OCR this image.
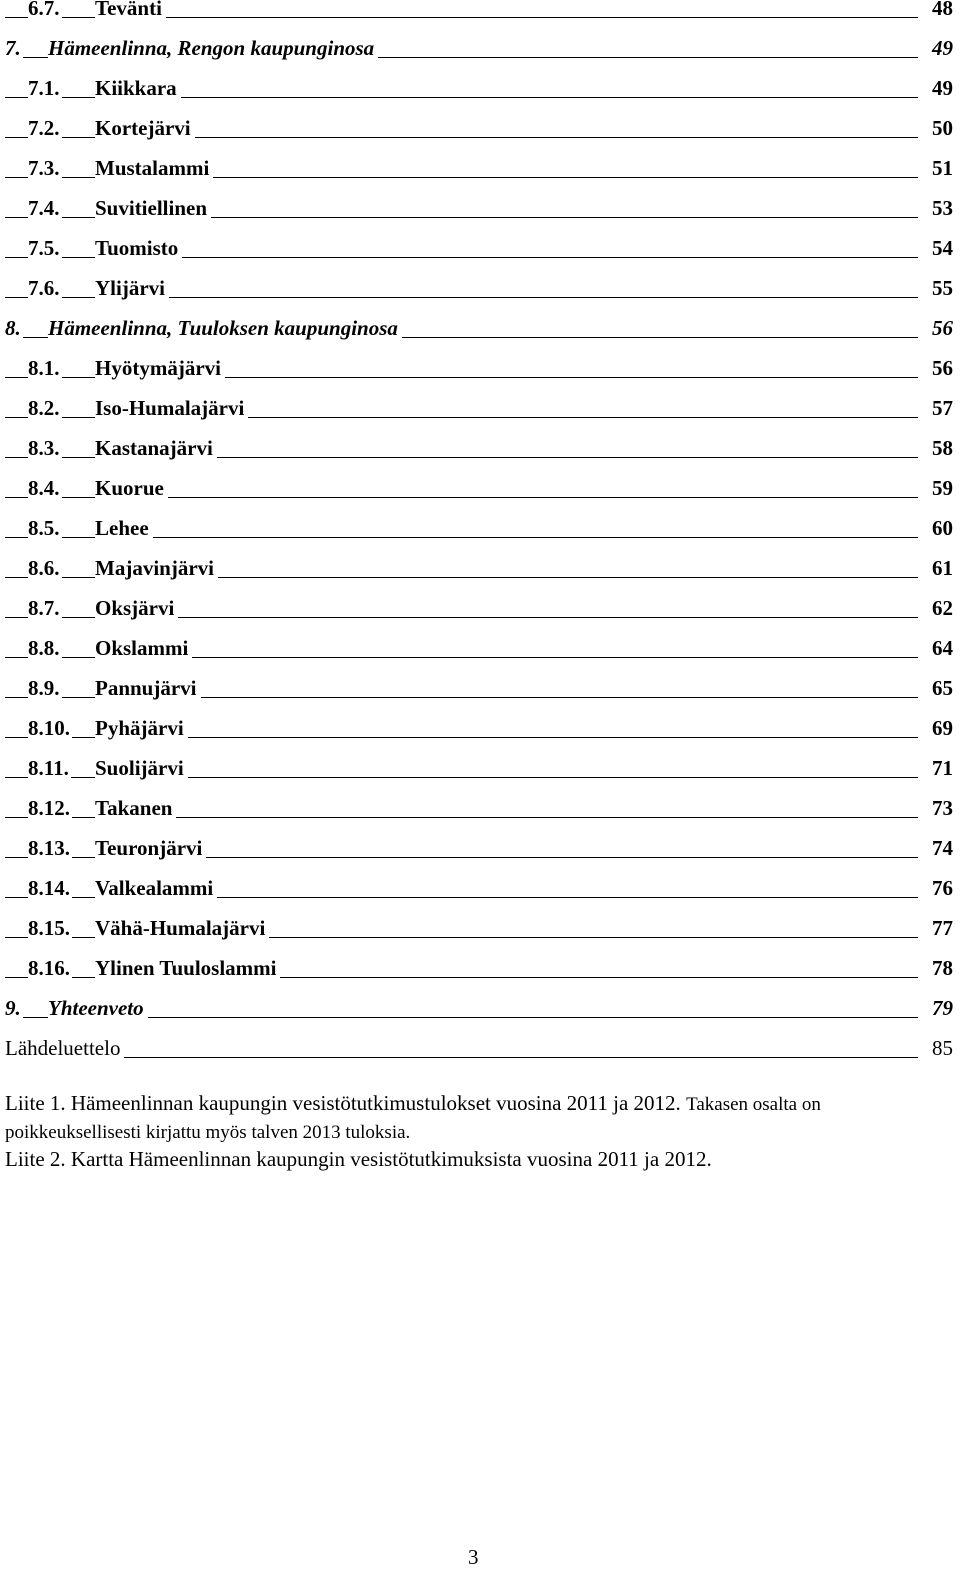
6.7. Tevänti	48
7. Hämeenlinna, Rengon kaupunginosa	49
7.1. Kiikkara	49
7.2. Kortejärvi	50
7.3. Mustalammi	51
7.4. Suvitiellinen	53
7.5. Tuomisto	54
7.6. Ylijärvi	55
8. Hämeenlinna, Tuuloksen kaupunginosa	56
8.1. Hyötymäjärvi	56
8.2. Iso-Humalajärvi	57
8.3. Kastanajärvi	58
8.4. Kuorue	59
8.5. Lehee	60
8.6. Majavinjärvi	61
8.7. Oksjärvi	62
8.8. Okslammi	64
8.9. Pannujärvi	65
8.10. Pyhäjärvi	69
8.11. Suolijärvi	71
8.12. Takanen	73
8.13. Teuronjärvi	74
8.14. Valkealammi	76
8.15. Vähä-Humalajärvi	77
8.16. Ylinen Tuuloslammi	78
9. Yhteenveto	79
Lähdeluettelo	85

Liite 1. Hämeenlinnan kaupungin vesistötutkimustulokset vuosina 2011 ja 2012. Takasen osalta on poikkeuksellisesti kirjattu myös talven 2013 tuloksia.

Liite 2. Kartta Hämeenlinnan kaupungin vesistötutkimuksista vuosina 2011 ja 2012.

3
